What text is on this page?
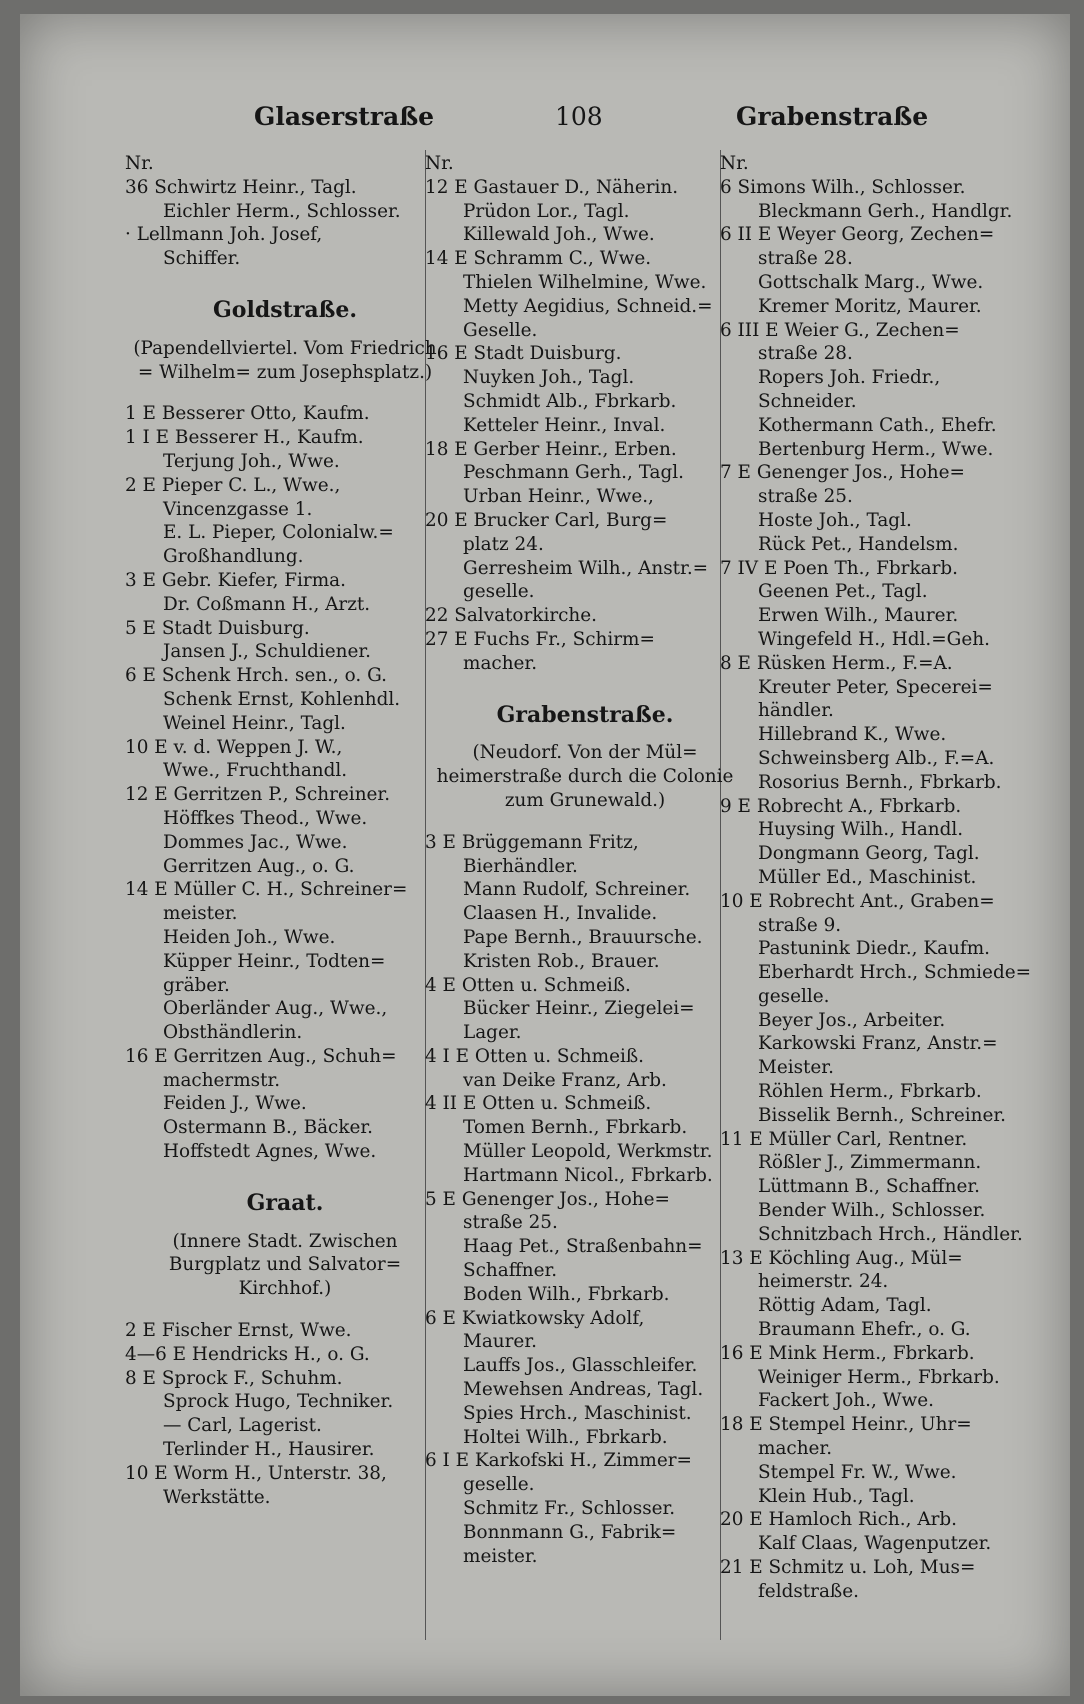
Glaserstraße	108	Grabenstraße
Nr.
36 Schwirtz Heinr., Tagl.
Eichler Herm., Schlosser.
· Lellmann Joh. Josef,
Schiffer.
Goldstraße.
(Papendellviertel. Vom Friedrich = Wilhelm= zum Josephsplatz.)
1 E Besserer Otto, Kaufm.
1 I E Besserer H., Kaufm.
Terjung Joh., Wwe.
2 E Pieper C. L., Wwe.,
Vincenzgasse 1.
E. L. Pieper, Colonialw.=
Großhandlung.
3 E Gebr. Kiefer, Firma.
Dr. Coßmann H., Arzt.
5 E Stadt Duisburg.
Jansen J., Schuldiener.
6 E Schenk Hrch. sen., o. G.
Schenk Ernst, Kohlenhdl.
Weinel Heinr., Tagl.
10 E v. d. Weppen J. W.,
Wwe., Fruchthandl.
12 E Gerritzen P., Schreiner.
Höffkes Theod., Wwe.
Dommes Jac., Wwe.
Gerritzen Aug., o. G.
14 E Müller C. H., Schreiner=
meister.
Heiden Joh., Wwe.
Küpper Heinr., Todten=
gräber.
Oberländer Aug., Wwe.,
Obsthändlerin.
16 E Gerritzen Aug., Schuh=
machermstr.
Feiden J., Wwe.
Ostermann B., Bäcker.
Hoffstedt Agnes, Wwe.
Graat.
(Innere Stadt. Zwischen Burgplatz und Salvator= Kirchhof.)
2 E Fischer Ernst, Wwe.
4—6 E Hendricks H., o. G.
8 E Sprock F., Schuhm.
Sprock Hugo, Techniker.
— Carl, Lagerist.
Terlinder H., Hausirer.
10 E Worm H., Unterstr. 38,
Werkstätte.
Nr.
12 E Gastauer D., Näherin.
Prüdon Lor., Tagl.
Killewald Joh., Wwe.
14 E Schramm C., Wwe.
Thielen Wilhelmine, Wwe.
Metty Aegidius, Schneid.=
Geselle.
16 E Stadt Duisburg.
Nuyken Joh., Tagl.
Schmidt Alb., Fbrkarb.
Ketteler Heinr., Inval.
18 E Gerber Heinr., Erben.
Peschmann Gerh., Tagl.
Urban Heinr., Wwe.,
20 E Brucker Carl, Burg=
platz 24.
Gerresheim Wilh., Anstr.=
geselle.
22 Salvatorkirche.
27 E Fuchs Fr., Schirm=
macher.
Grabenstraße.
(Neudorf. Von der Mül= heimerstraße durch die Colonie zum Grunewald.)
3 E Brüggemann Fritz,
Bierhändler.
Mann Rudolf, Schreiner.
Claasen H., Invalide.
Pape Bernh., Brauursche.
Kristen Rob., Brauer.
4 E Otten u. Schmeiß.
Bücker Heinr., Ziegelei=
Lager.
4 I E Otten u. Schmeiß.
van Deike Franz, Arb.
4 II E Otten u. Schmeiß.
Tomen Bernh., Fbrkarb.
Müller Leopold, Werkmstr.
Hartmann Nicol., Fbrkarb.
5 E Genenger Jos., Hohe=
straße 25.
Haag Pet., Straßenbahn=
Schaffner.
Boden Wilh., Fbrkarb.
6 E Kwiatkowsky Adolf,
Maurer.
Lauffs Jos., Glasschleifer.
Mewehsen Andreas, Tagl.
Spies Hrch., Maschinist.
Holtei Wilh., Fbrkarb.
6 I E Karkofski H., Zimmer=
geselle.
Schmitz Fr., Schlosser.
Bonnmann G., Fabrik=
meister.
Nr.
6 Simons Wilh., Schlosser.
Bleckmann Gerh., Handlgr.
6 II E Weyer Georg, Zechen=
straße 28.
Gottschalk Marg., Wwe.
Kremer Moritz, Maurer.
6 III E Weier G., Zechen=
straße 28.
Ropers Joh. Friedr.,
Schneider.
Kothermann Cath., Ehefr.
Bertenburg Herm., Wwe.
7 E Genenger Jos., Hohe=
straße 25.
Hoste Joh., Tagl.
Rück Pet., Handelsm.
7 IV E Poen Th., Fbrkarb.
Geenen Pet., Tagl.
Erwen Wilh., Maurer.
Wingefeld H., Hdl.=Geh.
8 E Rüsken Herm., F.=A.
Kreuter Peter, Specerei=
händler.
Hillebrand K., Wwe.
Schweinsberg Alb., F.=A.
Rosorius Bernh., Fbrkarb.
9 E Robrecht A., Fbrkarb.
Huysing Wilh., Handl.
Dongmann Georg, Tagl.
Müller Ed., Maschinist.
10 E Robrecht Ant., Graben=
straße 9.
Pastunink Diedr., Kaufm.
Eberhardt Hrch., Schmiede=
geselle.
Beyer Jos., Arbeiter.
Karkowski Franz, Anstr.=
Meister.
Röhlen Herm., Fbrkarb.
Bisselik Bernh., Schreiner.
11 E Müller Carl, Rentner.
Rößler J., Zimmermann.
Lüttmann B., Schaffner.
Bender Wilh., Schlosser.
Schnitzbach Hrch., Händler.
13 E Köchling Aug., Mül=
heimerstr. 24.
Röttig Adam, Tagl.
Braumann Ehefr., o. G.
16 E Mink Herm., Fbrkarb.
Weiniger Herm., Fbrkarb.
Fackert Joh., Wwe.
18 E Stempel Heinr., Uhr=
macher.
Stempel Fr. W., Wwe.
Klein Hub., Tagl.
20 E Hamloch Rich., Arb.
Kalf Claas, Wagenputzer.
21 E Schmitz u. Loh, Mus=
feldstraße.
